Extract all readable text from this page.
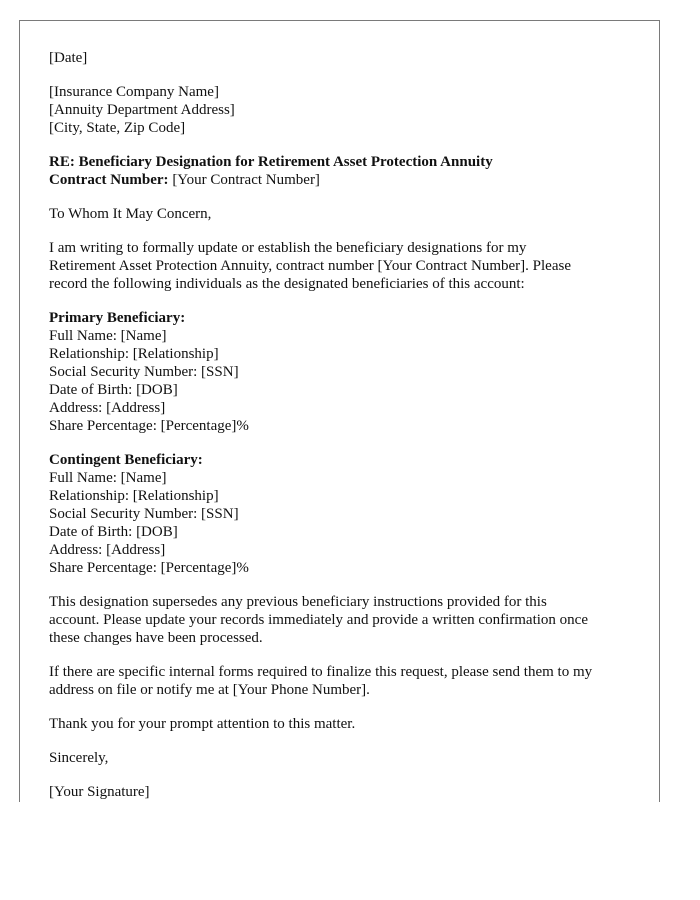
[Date]

[Insurance Company Name]
[Annuity Department Address]
[City, State, Zip Code]

RE: Beneficiary Designation for Retirement Asset Protection Annuity
Contract Number: [Your Contract Number]

To Whom It May Concern,

I am writing to formally update or establish the beneficiary designations for my
Retirement Asset Protection Annuity, contract number [Your Contract Number]. Please
record the following individuals as the designated beneficiaries of this account:

Primary Beneficiary:
Full Name: [Name]
Relationship: [Relationship]
Social Security Number: [SSN]
Date of Birth: [DOB]
Address: [Address]
Share Percentage: [Percentage]%

Contingent Beneficiary:
Full Name: [Name]
Relationship: [Relationship]
Social Security Number: [SSN]
Date of Birth: [DOB]
Address: [Address]
Share Percentage: [Percentage]%

This designation supersedes any previous beneficiary instructions provided for this
account. Please update your records immediately and provide a written confirmation once
these changes have been processed.

If there are specific internal forms required to finalize this request, please send them to my
address on file or notify me at [Your Phone Number].

Thank you for your prompt attention to this matter.

Sincerely,

[Your Signature]
